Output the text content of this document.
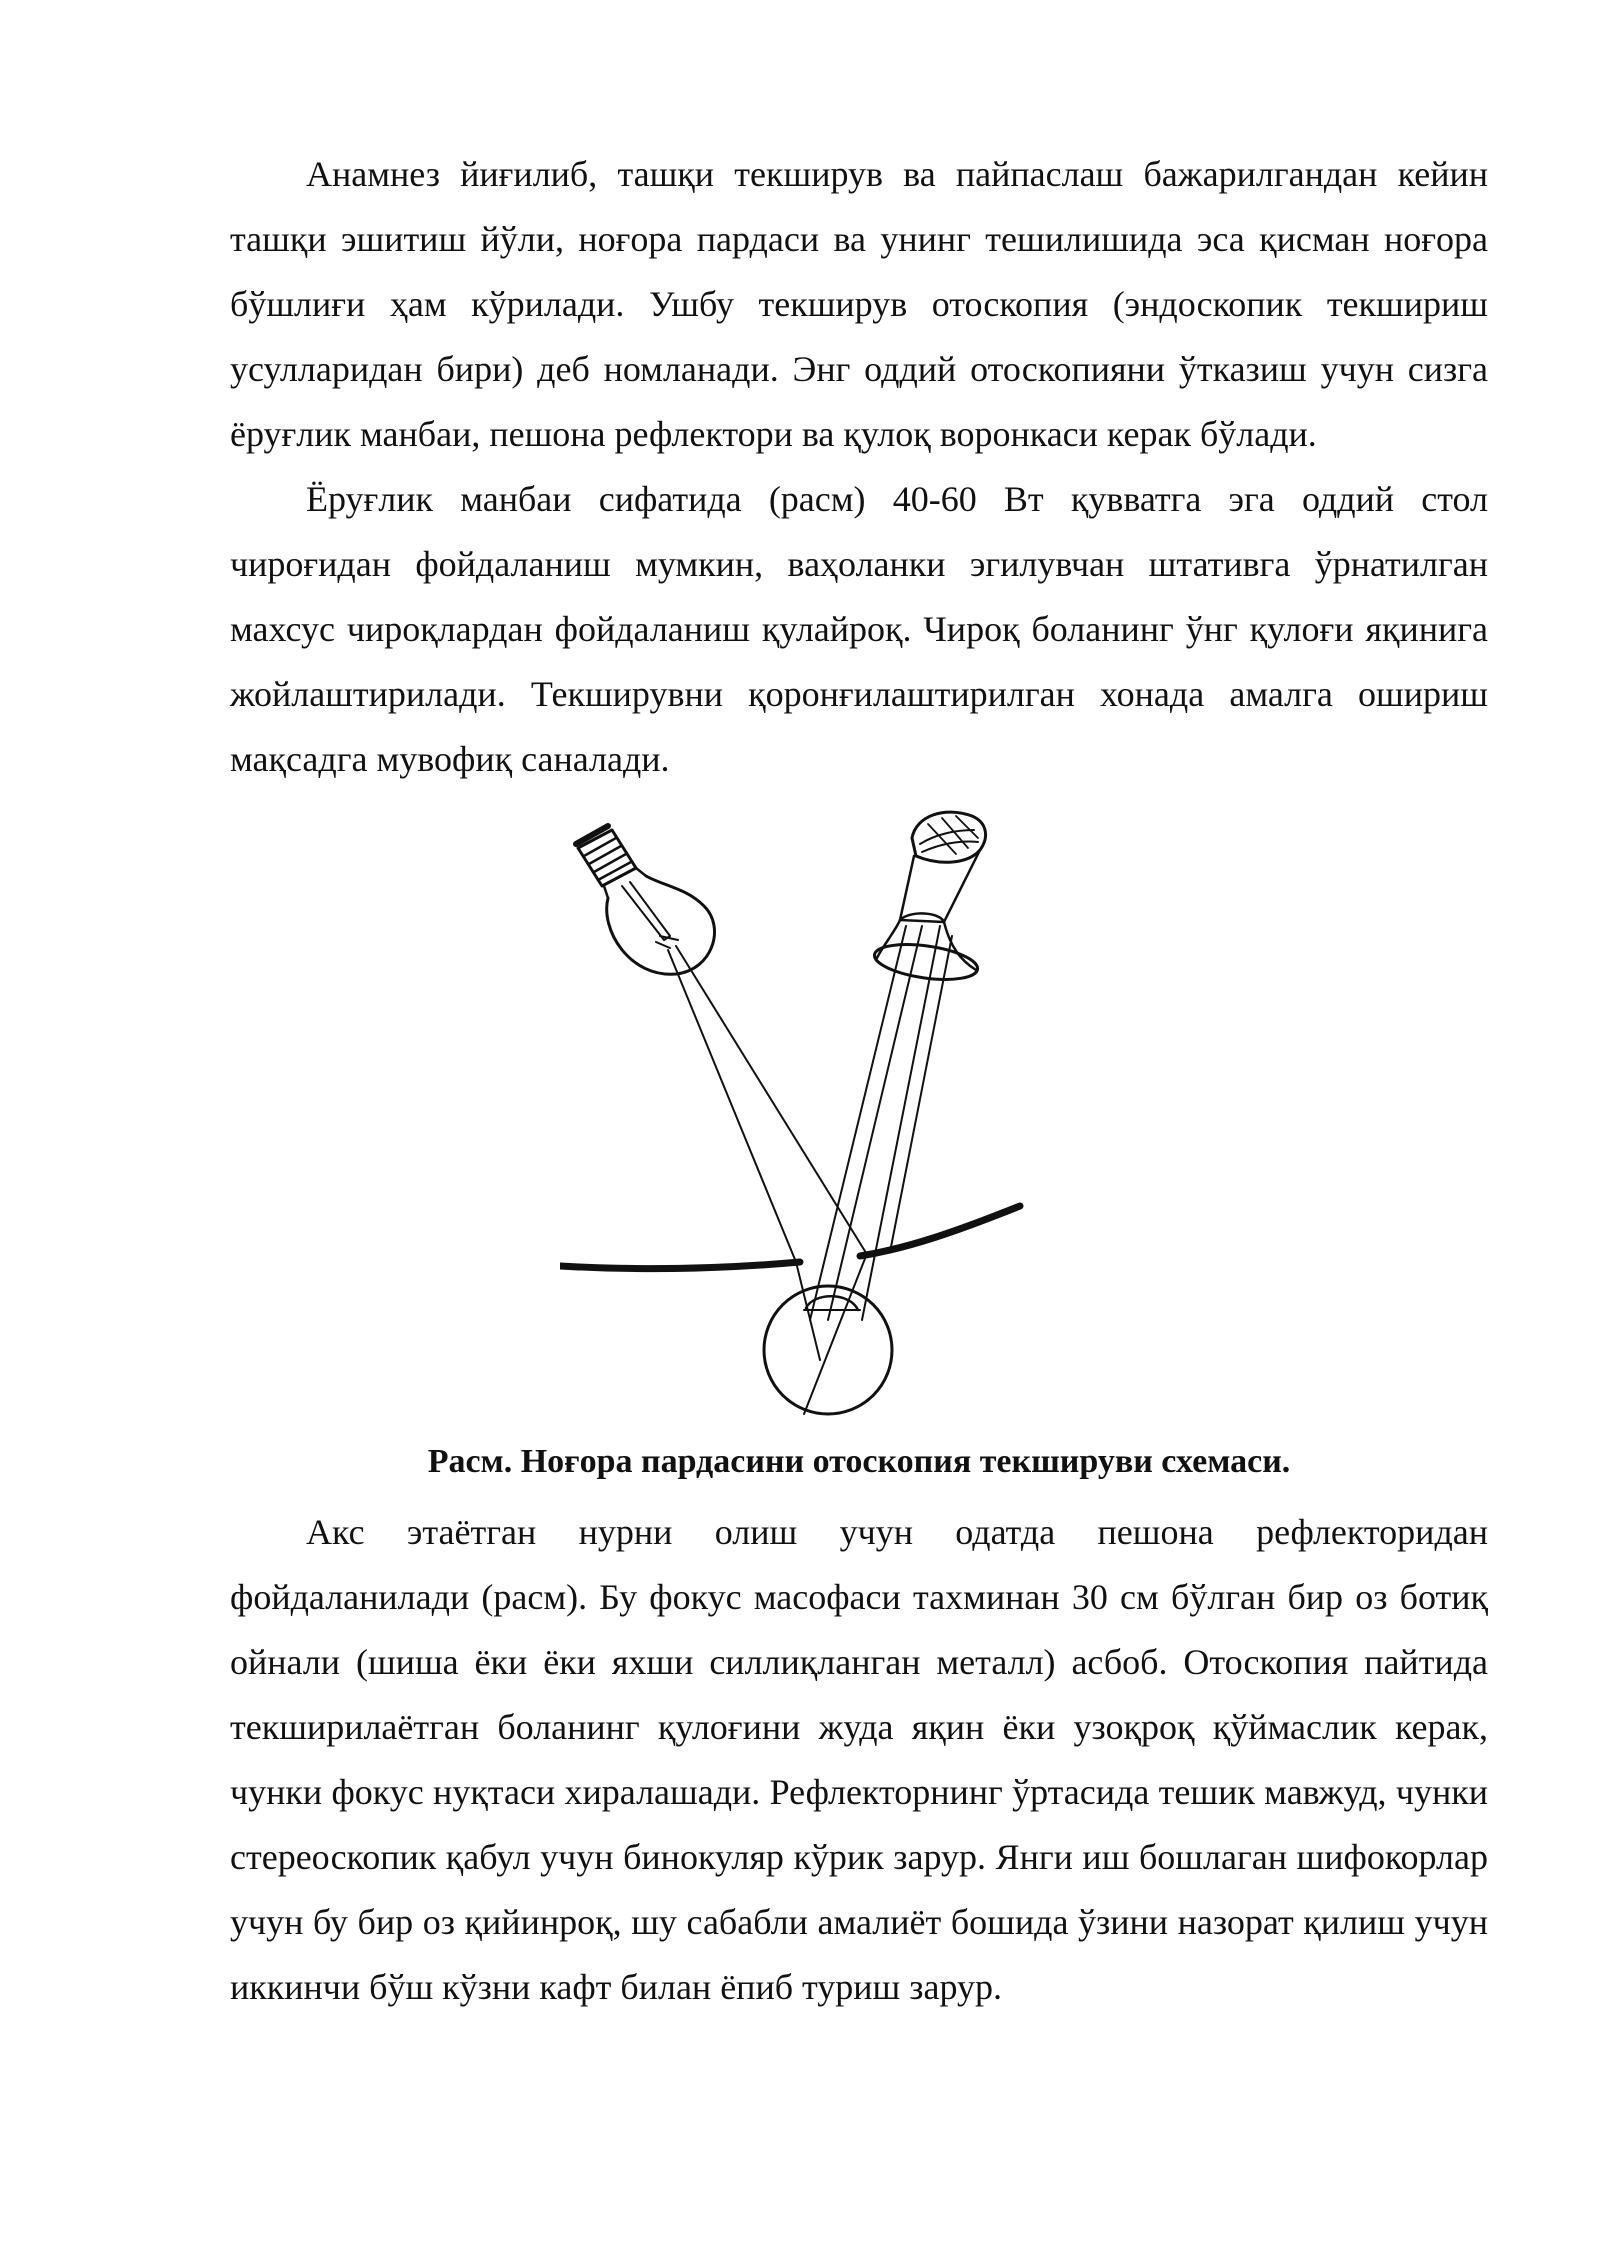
Анамнез йиғилиб, ташқи текширув ва пайпаслаш бажарилгандан кейин ташқи эшитиш йўли, ноғора пардаси ва унинг тешилишида эса қисман ноғора бўшлиғи ҳам кўрилади. Ушбу текширув отоскопия (эндоскопик текшириш усулларидан бири) деб номланади. Энг оддий отоскопияни ўтказиш учун сизга ёруғлик манбаи, пешона рефлектори ва қулоқ воронкаси керак бўлади.

Ёруғлик манбаи сифатида (расм) 40-60 Вт қувватга эга оддий стол чироғидан фойдаланиш мумкин, ваҳоланки эгилувчан штативга ўрнатилган махсус чироқлардан фойдаланиш қулайроқ. Чироқ боланинг ўнг қулоғи яқинига жойлаштирилади. Текширувни қоронғилаштирилган хонада амалга ошириш мақсадга мувофиқ саналади.

Расм. Ноғора пардасини отоскопия текшируви схемаси.

Акс этаётган нурни олиш учун одатда пешона рефлекторидан фойдаланилади (расм). Бу фокус масофаси тахминан 30 см бўлган бир оз ботиқ ойнали (шиша ёки ёки яхши силлиқланган металл) асбоб. Отоскопия пайтида текширилаётган боланинг қулоғини жуда яқин ёки узоқроқ қўймаслик керак, чунки фокус нуқтаси хиралашади. Рефлекторнинг ўртасида тешик мавжуд, чунки стереоскопик қабул учун бинокуляр кўрик зарур. Янги иш бошлаган шифокорлар учун бу бир оз қийинроқ, шу сабабли амалиёт бошида ўзини назорат қилиш учун иккинчи бўш кўзни кафт билан ёпиб туриш зарур.
